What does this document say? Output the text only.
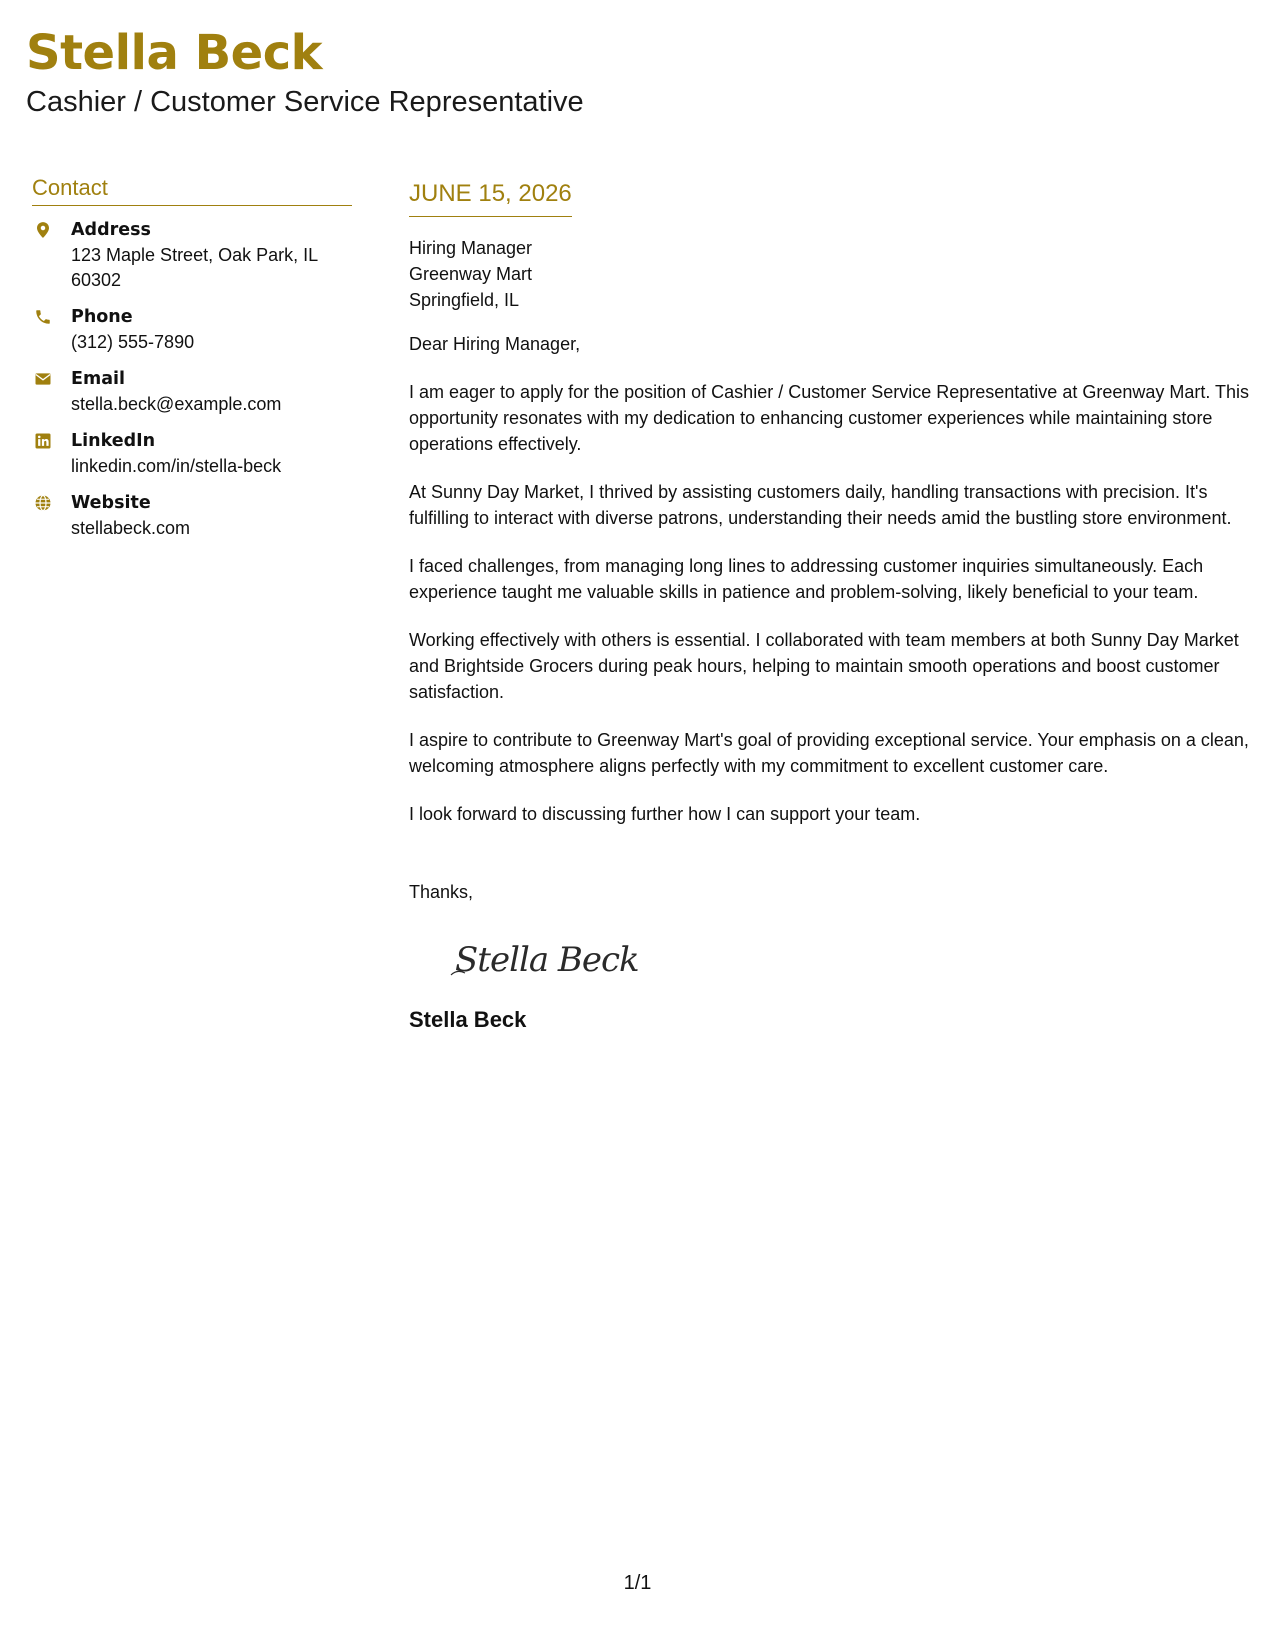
Stella Beck
Cashier / Customer Service Representative
Contact
Address
123 Maple Street, Oak Park, IL 60302
Phone
(312) 555-7890
Email
stella.beck@example.com
LinkedIn
linkedin.com/in/stella-beck
Website
stellabeck.com
JUNE 15, 2026

Hiring Manager

Greenway Mart

Springfield, IL

Dear Hiring Manager,

I am eager to apply for the position of Cashier / Customer Service Representative at Greenway Mart. This opportunity resonates with my dedication to enhancing customer experiences while maintaining store operations effectively.

At Sunny Day Market, I thrived by assisting customers daily, handling transactions with precision. It's fulfilling to interact with diverse patrons, understanding their needs amid the bustling store environment.

I faced challenges, from managing long lines to addressing customer inquiries simultaneously. Each experience taught me valuable skills in patience and problem-solving, likely beneficial to your team.

Working effectively with others is essential. I collaborated with team members at both Sunny Day Market and Brightside Grocers during peak hours, helping to maintain smooth operations and boost customer satisfaction.

I aspire to contribute to Greenway Mart's goal of providing exceptional service. Your emphasis on a clean, welcoming atmosphere aligns perfectly with my commitment to excellent customer care.

I look forward to discussing further how I can support your team.

Thanks,

Stella Beck
Stella Beck
1/1
